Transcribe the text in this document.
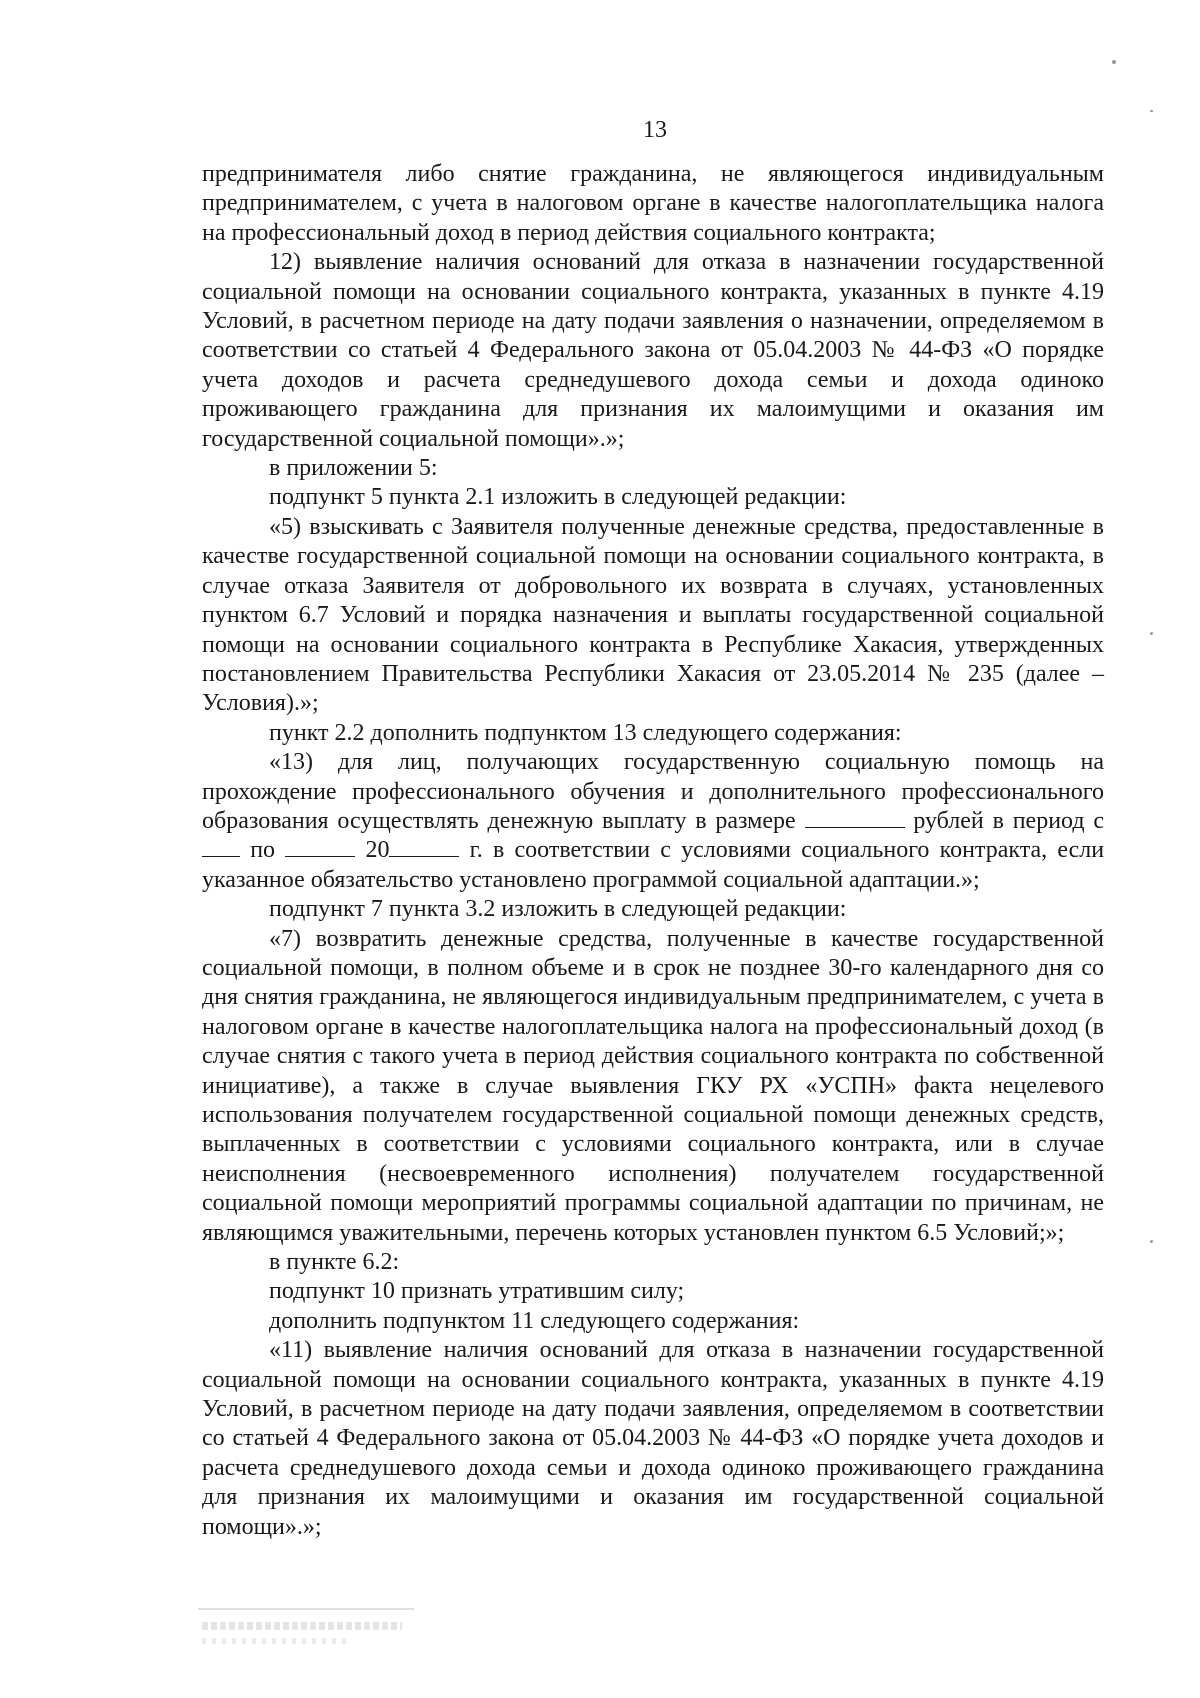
13

предпринимателя либо снятие гражданина, не являющегося индивидуальным предпринимателем, с учета в налоговом органе в качестве налогоплательщика налога на профессиональный доход в период действия социального контракта;

12) выявление наличия оснований для отказа в назначении государственной социальной помощи на основании социального контракта, указанных в пункте 4.19 Условий, в расчетном периоде на дату подачи заявления о назначении, определяемом в соответствии со статьей 4 Федерального закона от 05.04.2003 № 44-ФЗ «О порядке учета доходов и расчета среднедушевого дохода семьи и дохода одиноко проживающего гражданина для признания их малоимущими и оказания им государственной социальной помощи».»;

в приложении 5:

подпункт 5 пункта 2.1 изложить в следующей редакции:

«5) взыскивать с Заявителя полученные денежные средства, предоставленные в качестве государственной социальной помощи на основании социального контракта, в случае отказа Заявителя от добровольного их возврата в случаях, установленных пунктом 6.7 Условий и порядка назначения и выплаты государственной социальной помощи на основании социального контракта в Республике Хакасия, утвержденных постановлением Правительства Республики Хакасия от 23.05.2014 № 235 (далее – Условия).»;

пункт 2.2 дополнить подпунктом 13 следующего содержания:

«13) для лиц, получающих государственную социальную помощь на прохождение профессионального обучения и дополнительного профессионального образования осуществлять денежную выплату в размере	рублей в период с  по	20	г. в соответствии с условиями социального контракта, если указанное обязательство установлено программой социальной адаптации.»;

подпункт 7 пункта 3.2 изложить в следующей редакции:

«7) возвратить денежные средства, полученные в качестве государственной социальной помощи, в полном объеме и в срок не позднее 30-го календарного дня со дня снятия гражданина, не являющегося индивидуальным предпринимателем, с учета в налоговом органе в качестве налогоплательщика налога на профессиональный доход (в случае снятия с такого учета в период действия социального контракта по собственной инициативе), а также в случае выявления ГКУ РХ «УСПН» факта нецелевого использования получателем государственной социальной помощи денежных средств, выплаченных в соответствии с условиями социального контракта, или в случае неисполнения (несвоевременного исполнения) получателем государственной социальной помощи мероприятий программы социальной адаптации по причинам, не являющимся уважительными, перечень которых установлен пунктом 6.5 Условий;»;

в пункте 6.2:

подпункт 10 признать утратившим силу;

дополнить подпунктом 11 следующего содержания:

«11) выявление наличия оснований для отказа в назначении государственной социальной помощи на основании социального контракта, указанных в пункте 4.19 Условий, в расчетном периоде на дату подачи заявления, определяемом в соответствии со статьей 4 Федерального закона от 05.04.2003 № 44-ФЗ «О порядке учета доходов и расчета среднедушевого дохода семьи и дохода одиноко проживающего гражданина для признания их малоимущими и оказания им государственной социальной помощи».»;
